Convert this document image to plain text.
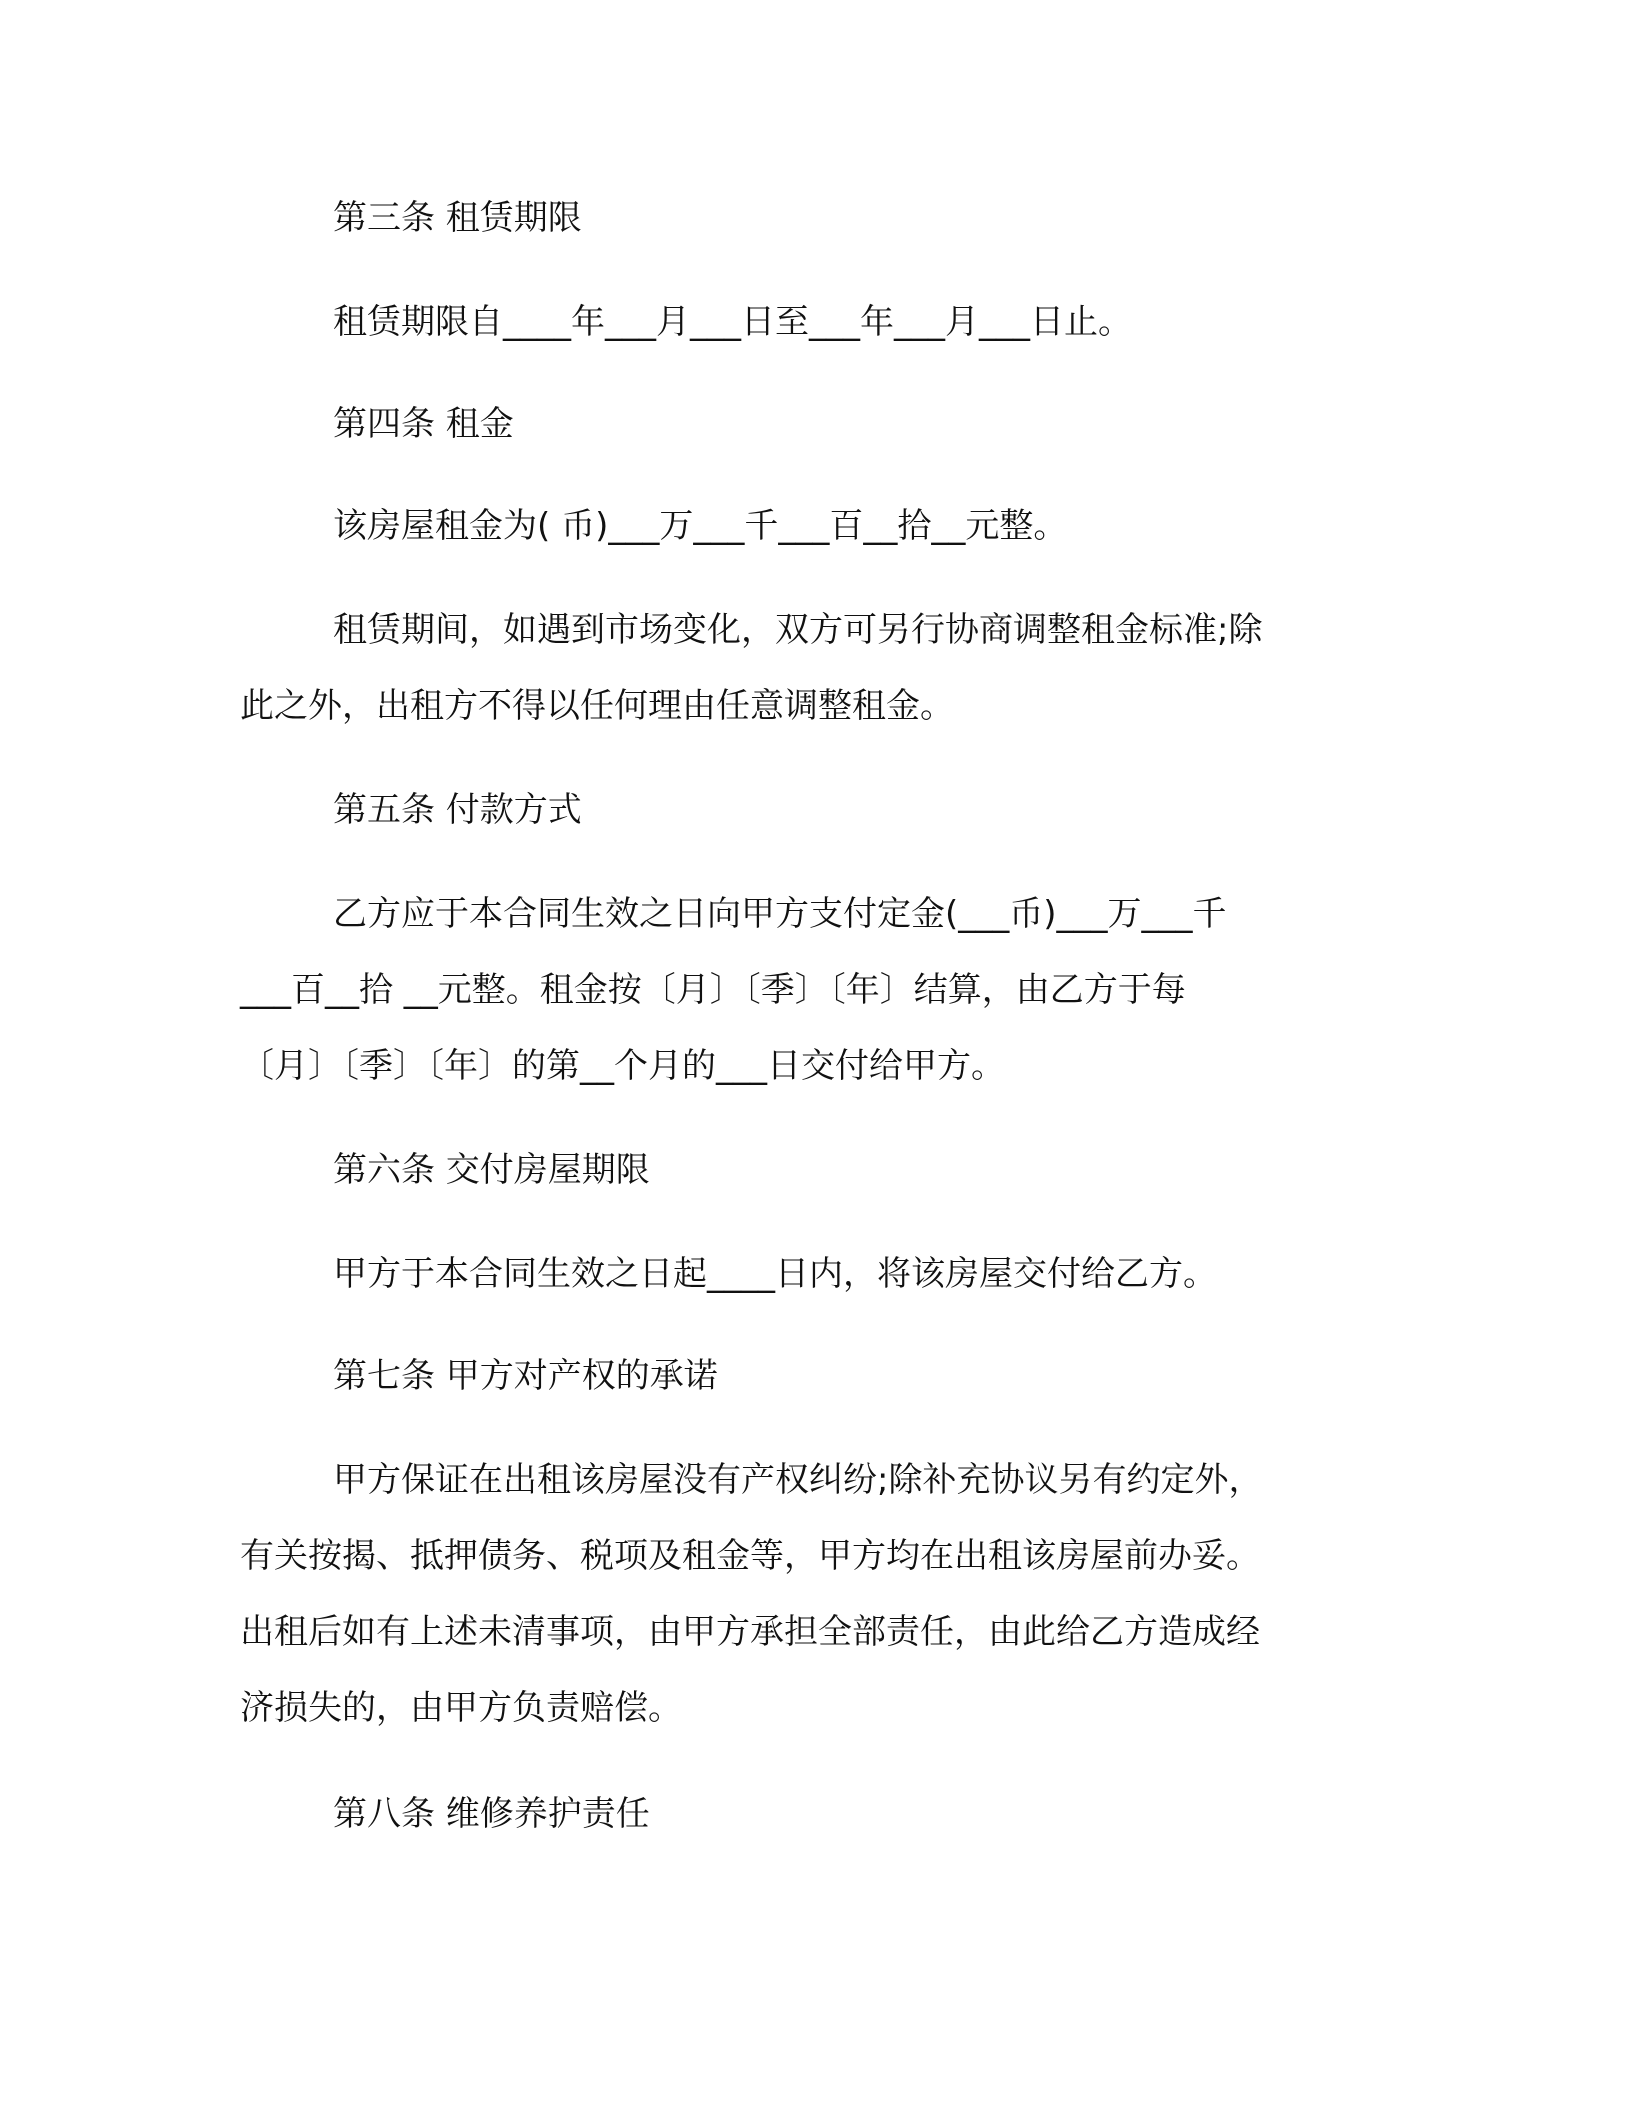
第三条 租赁期限
租赁期限自____年___月___日至___年___月___日止。
第四条 租金
该房屋租金为( 币)___万___千___百__拾__元整。
租赁期间，如遇到市场变化，双方可另行协商调整租金标准;除
此之外，出租方不得以任何理由任意调整租金。
第五条 付款方式
乙方应于本合同生效之日向甲方支付定金(___币)___万___千
___百__拾 __元整。租金按〔月〕〔季〕〔年〕结算，由乙方于每
〔月〕〔季〕〔年〕的第__个月的___日交付给甲方。
第六条 交付房屋期限
甲方于本合同生效之日起____日内，将该房屋交付给乙方。
第七条 甲方对产权的承诺
甲方保证在出租该房屋没有产权纠纷;除补充协议另有约定外，
有关按揭、抵押债务、税项及租金等，甲方均在出租该房屋前办妥。
出租后如有上述未清事项，由甲方承担全部责任，由此给乙方造成经
济损失的，由甲方负责赔偿。
第八条 维修养护责任
